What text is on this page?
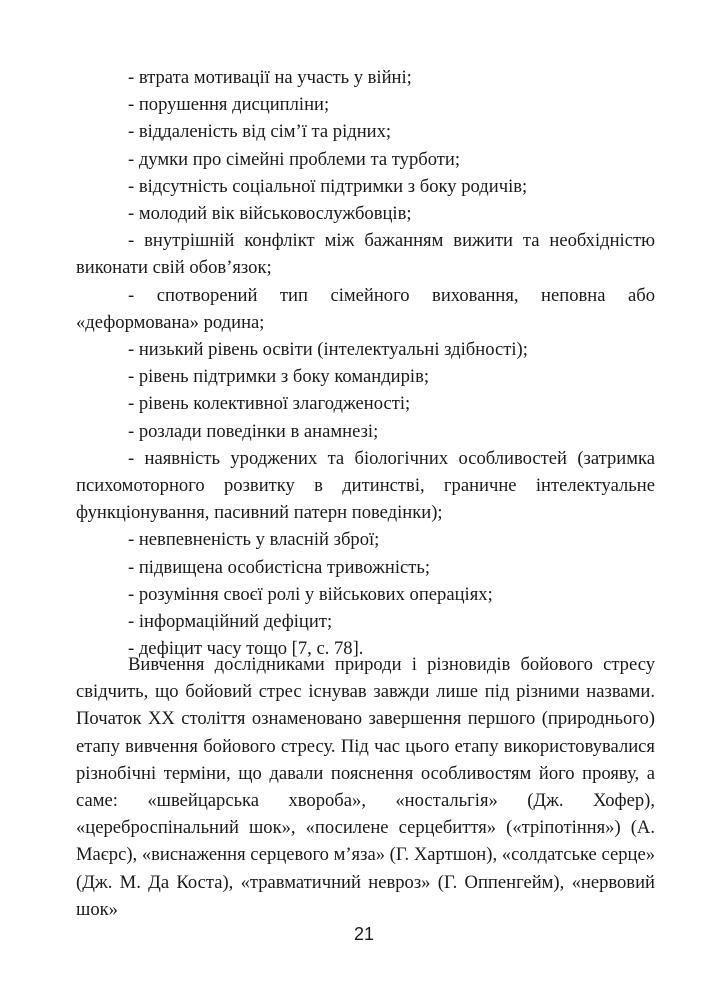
- втрата мотивації на участь у війні;

- порушення дисципліни;

- віддаленість від сім’ї та рідних;

- думки про сімейні проблеми та турботи;

- відсутність соціальної підтримки з боку родичів;

- молодий вік військовослужбовців;

- внутрішній конфлікт між бажанням вижити та необхідністю виконати свій обов’язок;

- спотворений тип сімейного виховання, неповна або «деформована» родина;

- низький рівень освіти (інтелектуальні здібності);

- рівень підтримки з боку командирів;

- рівень колективної злагодженості;

- розлади поведінки в анамнезі;

- наявність уроджених та біологічних особливостей (затримка психомоторного розвитку в дитинстві, граничне інтелектуальне функціонування, пасивний патерн поведінки);

- невпевненість у власній зброї;

- підвищена особистісна тривожність;

- розуміння своєї ролі у військових операціях;

- інформаційний дефіцит;

- дефіцит часу тощо [7, с. 78].

Вивчення дослідниками природи і різновидів бойового стресу свідчить, що бойовий стрес існував завжди лише під різними назвами. Початок ХХ століття ознаменовано завершення першого (природнього) етапу вивчення бойового стресу. Під час цього етапу використовувалися різнобічні терміни, що давали пояснення особливостям його прояву, а саме: «швейцарська хвороба», «ностальгія» (Дж. Хофер), «цереброспінальний шок», «посилене серцебиття» («тріпотіння») (А. Маєрс), «виснаження серцевого м’яза» (Г. Хартшон), «солдатське серце» (Дж. М. Да Коста), «травматичний невроз» (Г. Оппенгейм), «нервовий шок»

21
